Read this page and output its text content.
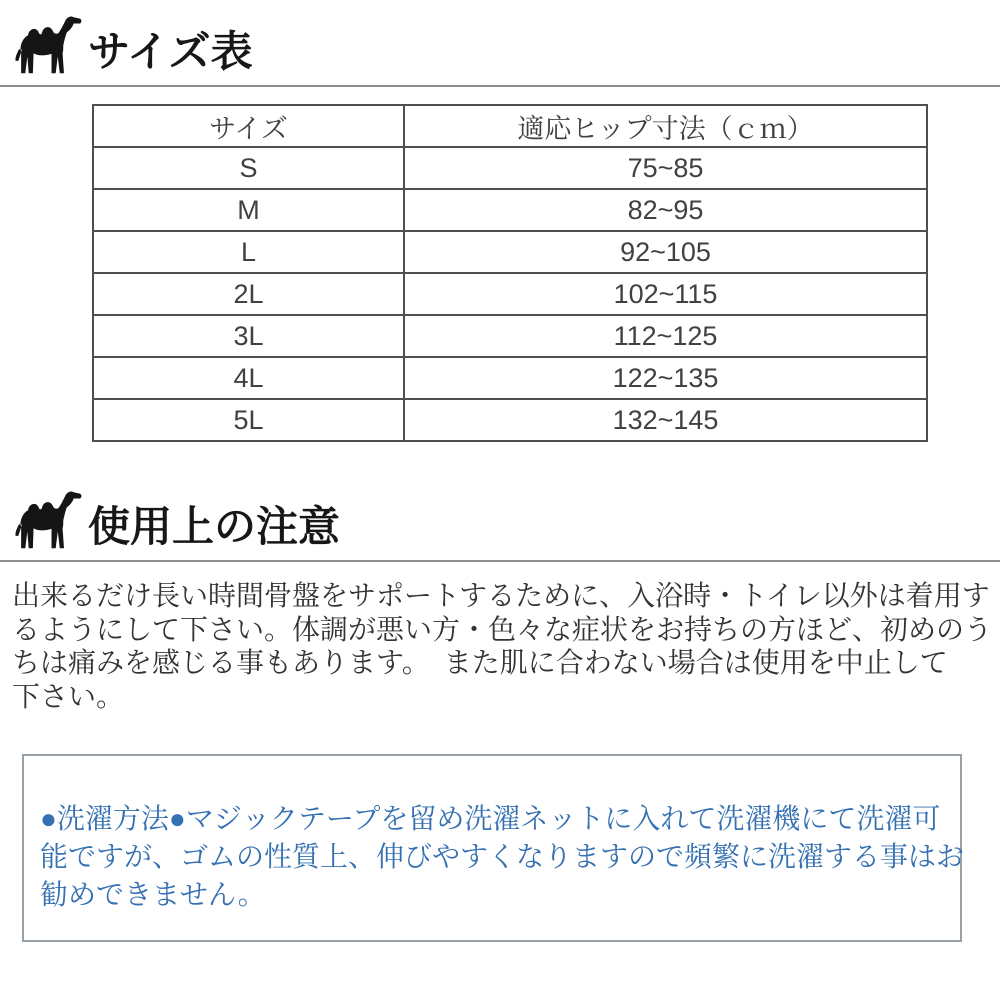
サイズ表
サイズ	適応ヒップ寸法（ｃｍ）
S	75~85
M	82~95
L	92~105
2L	102~115
3L	112~125
4L	122~135
5L	132~145
使用上の注意
出来るだけ長い時間骨盤をサポートするために、入浴時・トイレ以外は着用す
るようにして下さい。体調が悪い方・色々な症状をお持ちの方ほど、初めのう
ちは痛みを感じる事もあります。　また肌に合わない場合は使用を中止して
下さい。
●洗濯方法●マジックテープを留め洗濯ネットに入れて洗濯機にて洗濯可
能ですが、ゴムの性質上、伸びやすくなりますので頻繁に洗濯する事はお
勧めできません。
